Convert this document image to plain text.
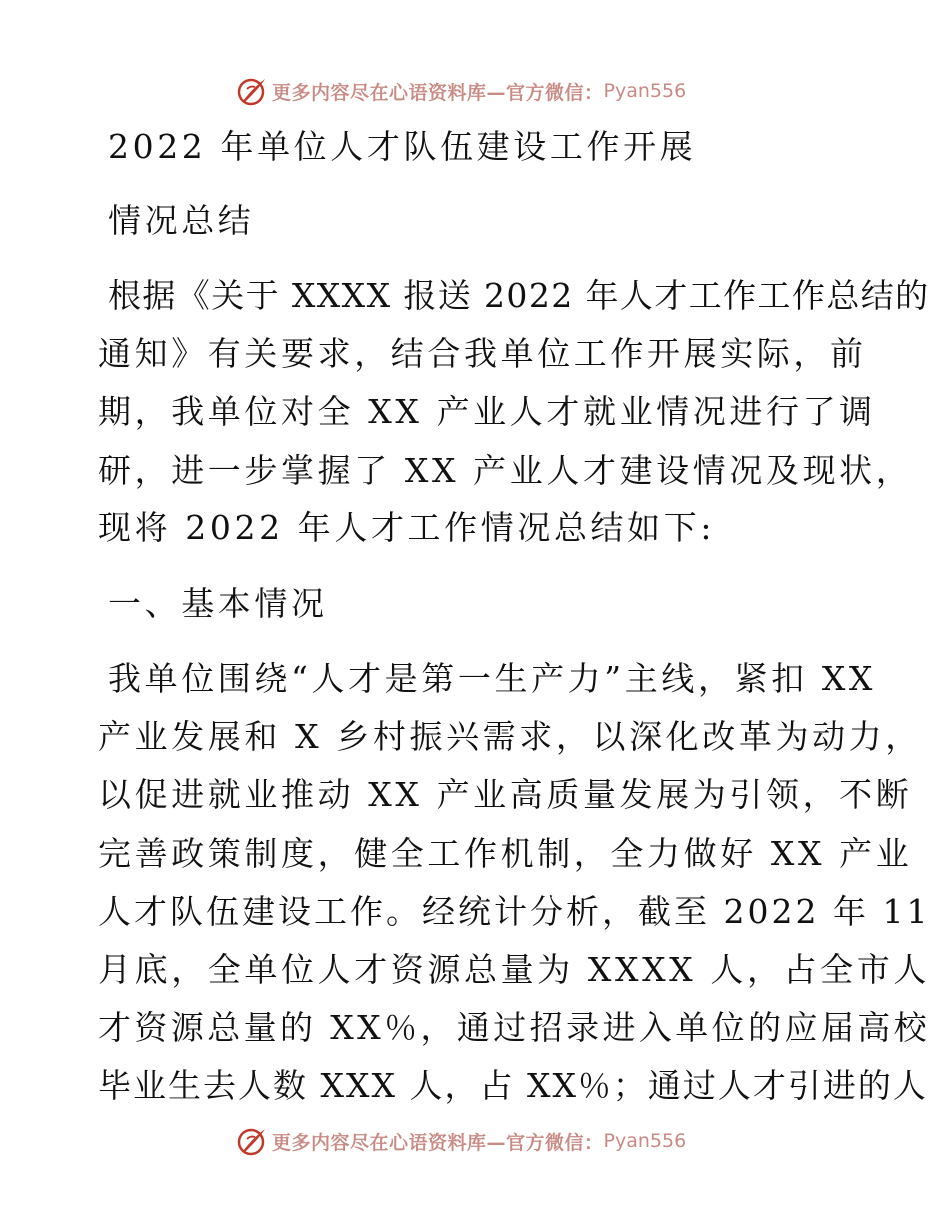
更多内容尽在心语资料库—官方微信： Pyan556
2022 年单位人才队伍建设工作开展
情况总结
根据《关于 XXXX 报送 2022 年人才工作工作总结的
通知》有关要求，结合我单位工作开展实际，前
期，我单位对全 XX 产业人才就业情况进行了调
研，进一步掌握了 XX 产业人才建设情况及现状，
现将 2022 年人才工作情况总结如下:
一、基本情况
我单位围绕“人才是第一生产力”主线，紧扣 XX
产业发展和 X 乡村振兴需求，以深化改革为动力，
以促进就业推动 XX 产业高质量发展为引领，不断
完善政策制度，健全工作机制，全力做好 XX 产业
人才队伍建设工作。经统计分析，截至 2022 年 11
月底，全单位人才资源总量为 XXXX 人，占全市人
才资源总量的 XX％，通过招录进入单位的应届高校
毕业生去人数 XXX 人，占 XX％；通过人才引进的人
更多内容尽在心语资料库—官方微信： Pyan556
